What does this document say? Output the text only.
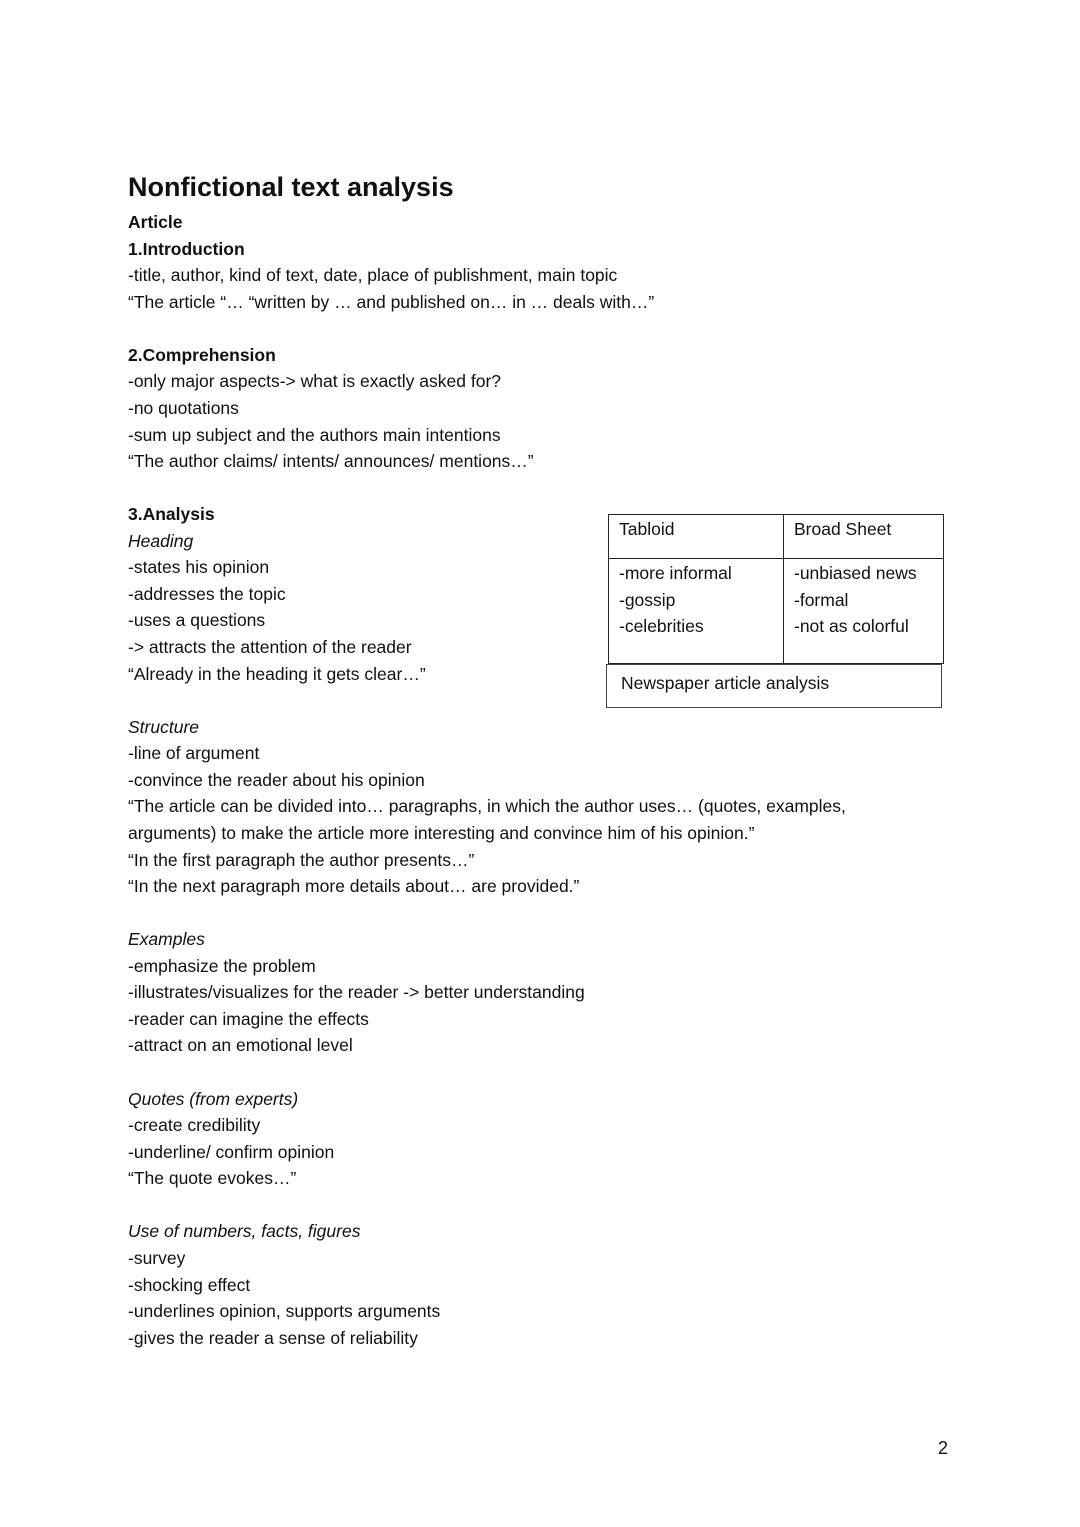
Nonfictional text analysis
Article
1.Introduction
-title, author, kind of text, date, place of publishment, main topic
“The article “… “written by … and published on… in … deals with…”
2.Comprehension
-only major aspects-> what is exactly asked for?
-no quotations
-sum up subject and the authors main intentions
“The author claims/ intents/ announces/ mentions…”
3.Analysis
Heading
-states his opinion
-addresses the topic
-uses a questions
-> attracts the attention of the reader
“Already in the heading it gets clear…”
Structure
-line of argument
-convince the reader about his opinion
“The article can be divided into… paragraphs, in which the author uses… (quotes, examples,
arguments) to make the article more interesting and convince him of his opinion.”
“In the first paragraph the author presents…”
“In the next paragraph more details about… are provided.”
Examples
-emphasize the problem
-illustrates/visualizes for the reader -> better understanding
-reader can imagine the effects
-attract on an emotional level
Quotes (from experts)
-create credibility
-underline/ confirm opinion
“The quote evokes…”
Use of numbers, facts, figures
-survey
-shocking effect
-underlines opinion, supports arguments
-gives the reader a sense of reliability
Tabloid	Broad Sheet
-more informal
-gossip
-celebrities
-unbiased news
-formal
-not as colorful
Newspaper article analysis
2
